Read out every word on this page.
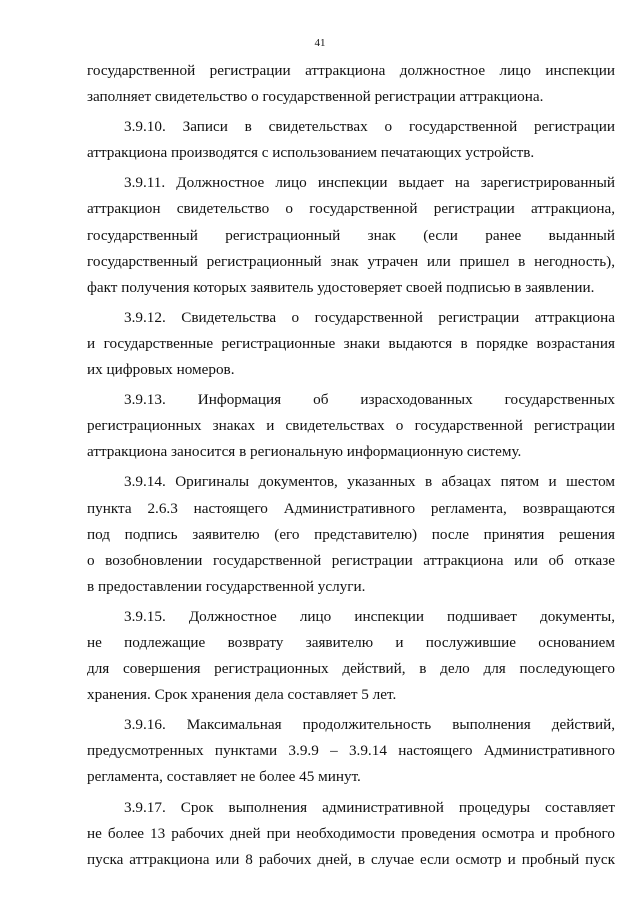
41
государственной регистрации аттракциона должностное лицо инспекции
заполняет свидетельство о государственной регистрации аттракциона.
3.9.10. Записи в свидетельствах о государственной регистрации
аттракциона производятся с использованием печатающих устройств.
3.9.11. Должностное лицо инспекции выдает на зарегистрированный
аттракцион свидетельство о государственной регистрации аттракциона,
государственный регистрационный знак (если ранее выданный
государственный регистрационный знак утрачен или пришел в негодность),
факт получения которых заявитель удостоверяет своей подписью в заявлении.
3.9.12. Свидетельства о государственной регистрации аттракциона
и государственные регистрационные знаки выдаются в порядке возрастания
их цифровых номеров.
3.9.13. Информация об израсходованных государственных
регистрационных знаках и свидетельствах о государственной регистрации
аттракциона заносится в региональную информационную систему.
3.9.14. Оригиналы документов, указанных в абзацах пятом и шестом
пункта 2.6.3 настоящего Административного регламента, возвращаются
под подпись заявителю (его представителю) после принятия решения
о возобновлении государственной регистрации аттракциона или об отказе
в предоставлении государственной услуги.
3.9.15. Должностное лицо инспекции подшивает документы,
не подлежащие возврату заявителю и послужившие основанием
для совершения регистрационных действий, в дело для последующего
хранения. Срок хранения дела составляет 5 лет.
3.9.16. Максимальная продолжительность выполнения действий,
предусмотренных пунктами 3.9.9 – 3.9.14 настоящего Административного
регламента, составляет не более 45 минут.
3.9.17. Срок выполнения административной процедуры составляет
не более 13 рабочих дней при необходимости проведения осмотра и пробного
пуска аттракциона или 8 рабочих дней, в случае если осмотр и пробный пуск
